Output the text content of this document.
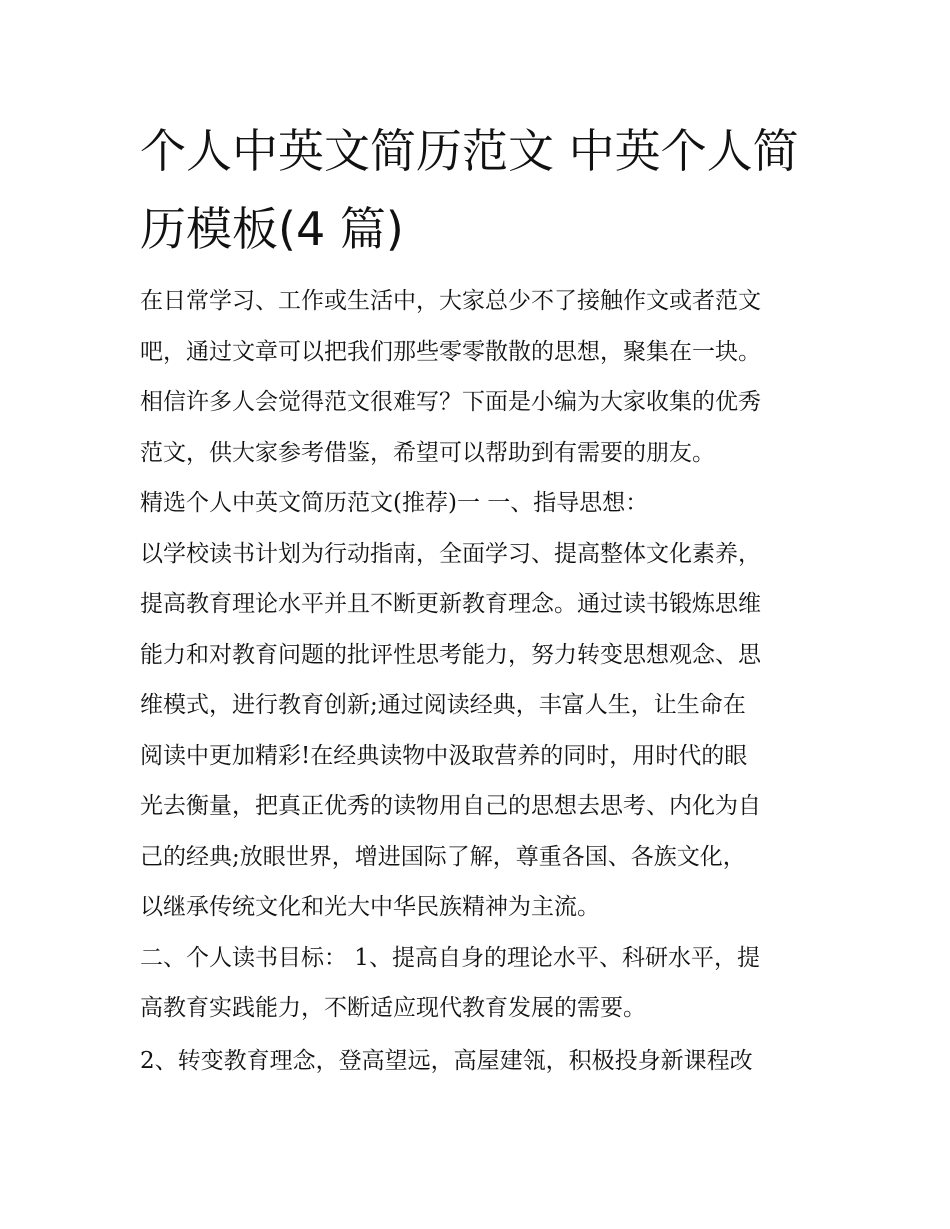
个人中英文简历范文 中英个人简历模板(4 篇)
在日常学习、工作或生活中，大家总少不了接触作文或者范文
吧，通过文章可以把我们那些零零散散的思想，聚集在一块。
相信许多人会觉得范文很难写？下面是小编为大家收集的优秀
范文，供大家参考借鉴，希望可以帮助到有需要的朋友。
精选个人中英文简历范文(推荐)一 一、指导思想：
以学校读书计划为行动指南，全面学习、提高整体文化素养，
提高教育理论水平并且不断更新教育理念。通过读书锻炼思维
能力和对教育问题的批评性思考能力，努力转变思想观念、思
维模式，进行教育创新;通过阅读经典，丰富人生，让生命在
阅读中更加精彩!在经典读物中汲取营养的同时，用时代的眼
光去衡量，把真正优秀的读物用自己的思想去思考、内化为自
己的经典;放眼世界，增进国际了解，尊重各国、各族文化，
以继承传统文化和光大中华民族精神为主流。
二、个人读书目标： 1、提高自身的理论水平、科研水平，提
高教育实践能力，不断适应现代教育发展的需要。
2、转变教育理念，登高望远，高屋建瓴，积极投身新课程改
